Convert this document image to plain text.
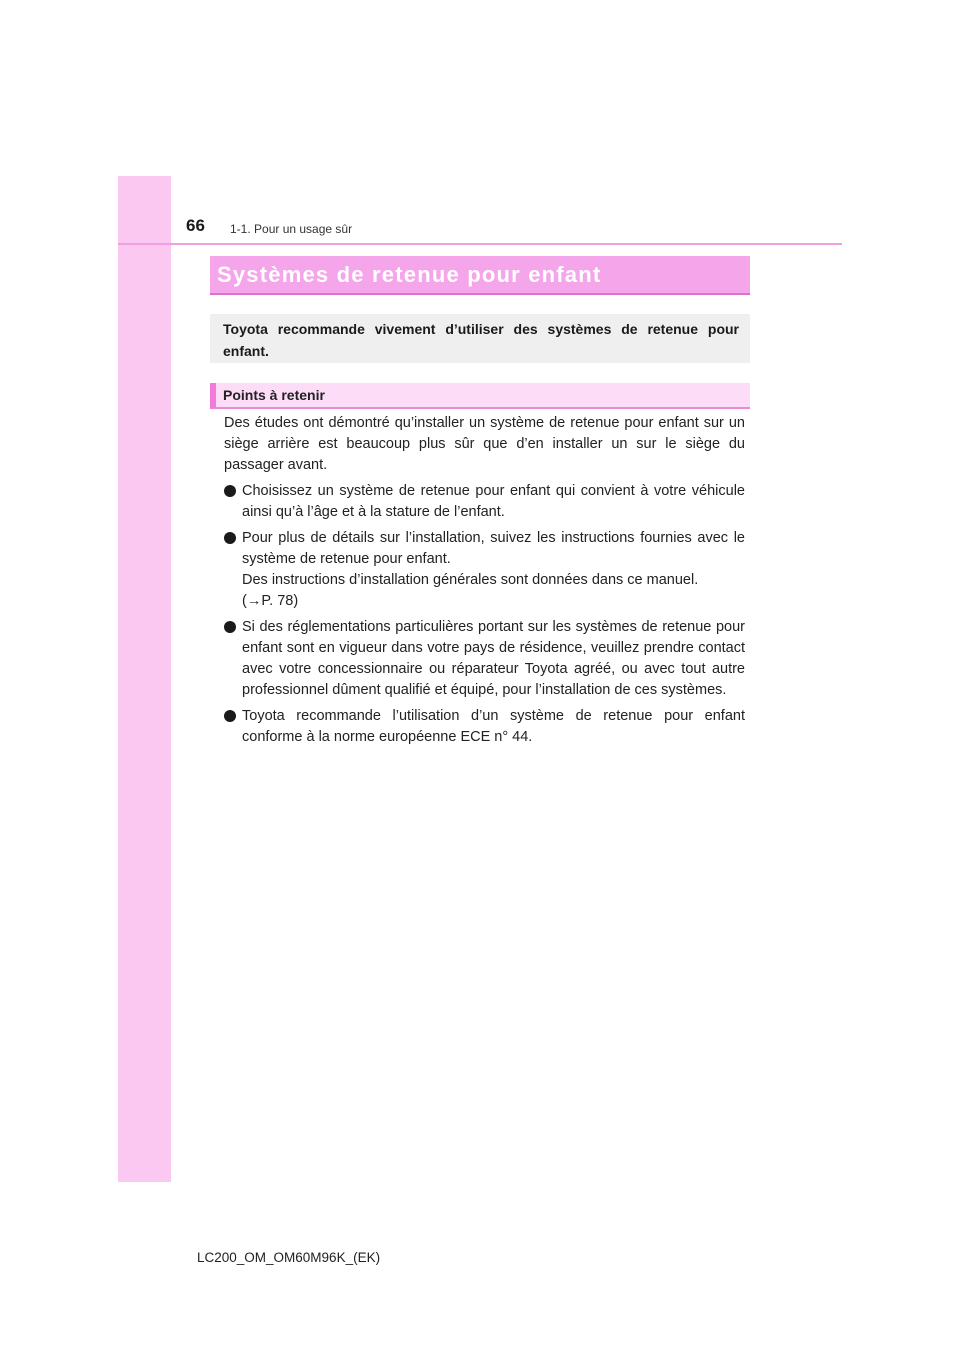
66 1-1. Pour un usage sûr
Systèmes de retenue pour enfant
Toyota recommande vivement d’utiliser des systèmes de retenue pour enfant.
Points à retenir

Des études ont démontré qu’installer un système de retenue pour enfant sur un siège arrière est beaucoup plus sûr que d’en installer un sur le siège du passager avant.

Choisissez un système de retenue pour enfant qui convient à votre véhicule ainsi qu’à l’âge et à la stature de l’enfant.
Pour plus de détails sur l’installation, suivez les instructions fournies avec le système de retenue pour enfant.
Des instructions d’installation générales sont données dans ce manuel.
(→P. 78)
Si des réglementations particulières portant sur les systèmes de retenue pour enfant sont en vigueur dans votre pays de résidence, veuillez prendre contact avec votre concessionnaire ou réparateur Toyota agréé, ou avec tout autre professionnel dûment qualifié et équipé, pour l’installation de ces systèmes.
Toyota recommande l’utilisation d’un système de retenue pour enfant conforme à la norme européenne ECE n° 44.
LC200_OM_OM60M96K_(EK)
